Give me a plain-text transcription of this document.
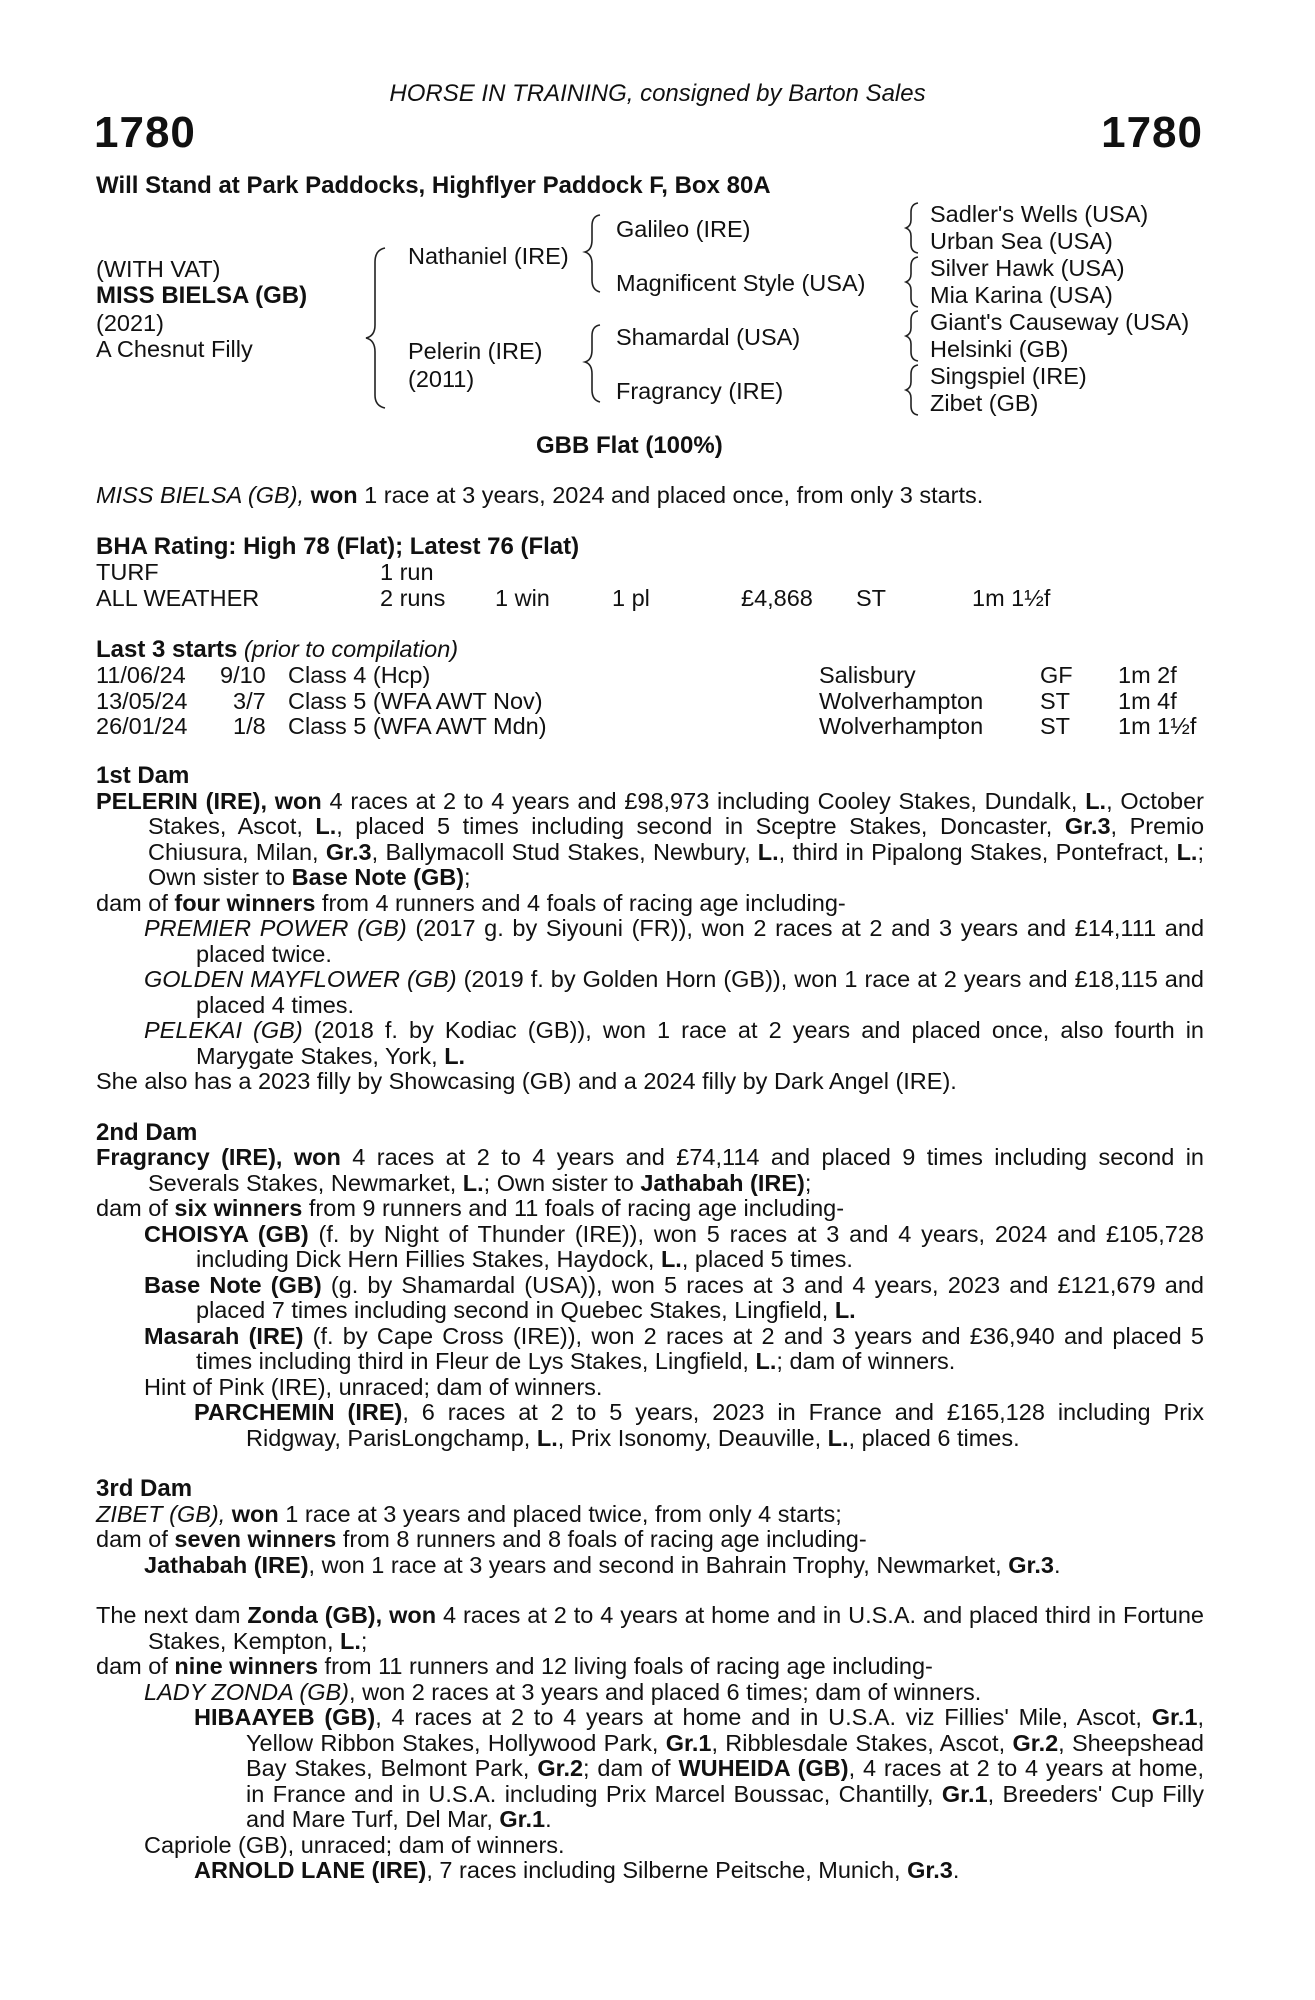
HORSE IN TRAINING, consigned by Barton Sales
1780	1780
Will Stand at Park Paddocks, Highflyer Paddock F, Box 80A
(WITH VAT)
MISS BIELSA (GB)
(2021)
A Chesnut Filly
Nathaniel (IRE)
Pelerin (IRE)
(2011)
Galileo (IRE)
Magnificent Style (USA)
Shamardal (USA)
Fragrancy (IRE)
Sadler's Wells (USA)
Urban Sea (USA)
Silver Hawk (USA)
Mia Karina (USA)
Giant's Causeway (USA)
Helsinki (GB)
Singspiel (IRE)
Zibet (GB)
GBB Flat (100%)
MISS BIELSA (GB), won 1 race at 3 years, 2024 and placed once, from only 3 starts.
BHA Rating: High 78 (Flat); Latest 76 (Flat)
TURF	1 run
ALL WEATHER	2 runs 1 win	1 pl	£4,868 ST	1m 1½f
Last 3 starts (prior to compilation)
11/06/24 9/10 Class 4 (Hcp)	Salisbury	GF 1m 2f
13/05/24 3/7 Class 5 (WFA AWT Nov)	Wolverhampton ST 1m 4f
26/01/24 1/8 Class 5 (WFA AWT Mdn)	Wolverhampton ST 1m 1½f
1st Dam

PELERIN (IRE), won 4 races at 2 to 4 years and £98,973 including Cooley Stakes, Dundalk, L., October Stakes, Ascot, L., placed 5 times including second in Sceptre Stakes, Doncaster, Gr.3, Premio Chiusura, Milan, Gr.3, Ballymacoll Stud Stakes, Newbury, L., third in Pipalong Stakes, Pontefract, L.; Own sister to Base Note (GB);

dam of four winners from 4 runners and 4 foals of racing age including-

PREMIER POWER (GB) (2017 g. by Siyouni (FR)), won 2 races at 2 and 3 years and £14,111 and placed twice.

GOLDEN MAYFLOWER (GB) (2019 f. by Golden Horn (GB)), won 1 race at 2 years and £18,115 and placed 4 times.

PELEKAI (GB) (2018 f. by Kodiac (GB)), won 1 race at 2 years and placed once, also fourth in Marygate Stakes, York, L.

She also has a 2023 filly by Showcasing (GB) and a 2024 filly by Dark Angel (IRE).

2nd Dam

Fragrancy (IRE), won 4 races at 2 to 4 years and £74,114 and placed 9 times including second in Severals Stakes, Newmarket, L.; Own sister to Jathabah (IRE);

dam of six winners from 9 runners and 11 foals of racing age including-

CHOISYA (GB) (f. by Night of Thunder (IRE)), won 5 races at 3 and 4 years, 2024 and £105,728 including Dick Hern Fillies Stakes, Haydock, L., placed 5 times.

Base Note (GB) (g. by Shamardal (USA)), won 5 races at 3 and 4 years, 2023 and £121,679 and placed 7 times including second in Quebec Stakes, Lingfield, L.

Masarah (IRE) (f. by Cape Cross (IRE)), won 2 races at 2 and 3 years and £36,940 and placed 5 times including third in Fleur de Lys Stakes, Lingfield, L.; dam of winners.

Hint of Pink (IRE), unraced; dam of winners.

PARCHEMIN (IRE), 6 races at 2 to 5 years, 2023 in France and £165,128 including Prix Ridgway, ParisLongchamp, L., Prix Isonomy, Deauville, L., placed 6 times.

3rd Dam

ZIBET (GB), won 1 race at 3 years and placed twice, from only 4 starts;

dam of seven winners from 8 runners and 8 foals of racing age including-

Jathabah (IRE), won 1 race at 3 years and second in Bahrain Trophy, Newmarket, Gr.3.

The next dam Zonda (GB), won 4 races at 2 to 4 years at home and in U.S.A. and placed third in Fortune Stakes, Kempton, L.;

dam of nine winners from 11 runners and 12 living foals of racing age including-

LADY ZONDA (GB), won 2 races at 3 years and placed 6 times; dam of winners.

HIBAAYEB (GB), 4 races at 2 to 4 years at home and in U.S.A. viz Fillies' Mile, Ascot, Gr.1, Yellow Ribbon Stakes, Hollywood Park, Gr.1, Ribblesdale Stakes, Ascot, Gr.2, Sheepshead Bay Stakes, Belmont Park, Gr.2; dam of WUHEIDA (GB), 4 races at 2 to 4 years at home, in France and in U.S.A. including Prix Marcel Boussac, Chantilly, Gr.1, Breeders' Cup Filly and Mare Turf, Del Mar, Gr.1.

Capriole (GB), unraced; dam of winners.

ARNOLD LANE (IRE), 7 races including Silberne Peitsche, Munich, Gr.3.
